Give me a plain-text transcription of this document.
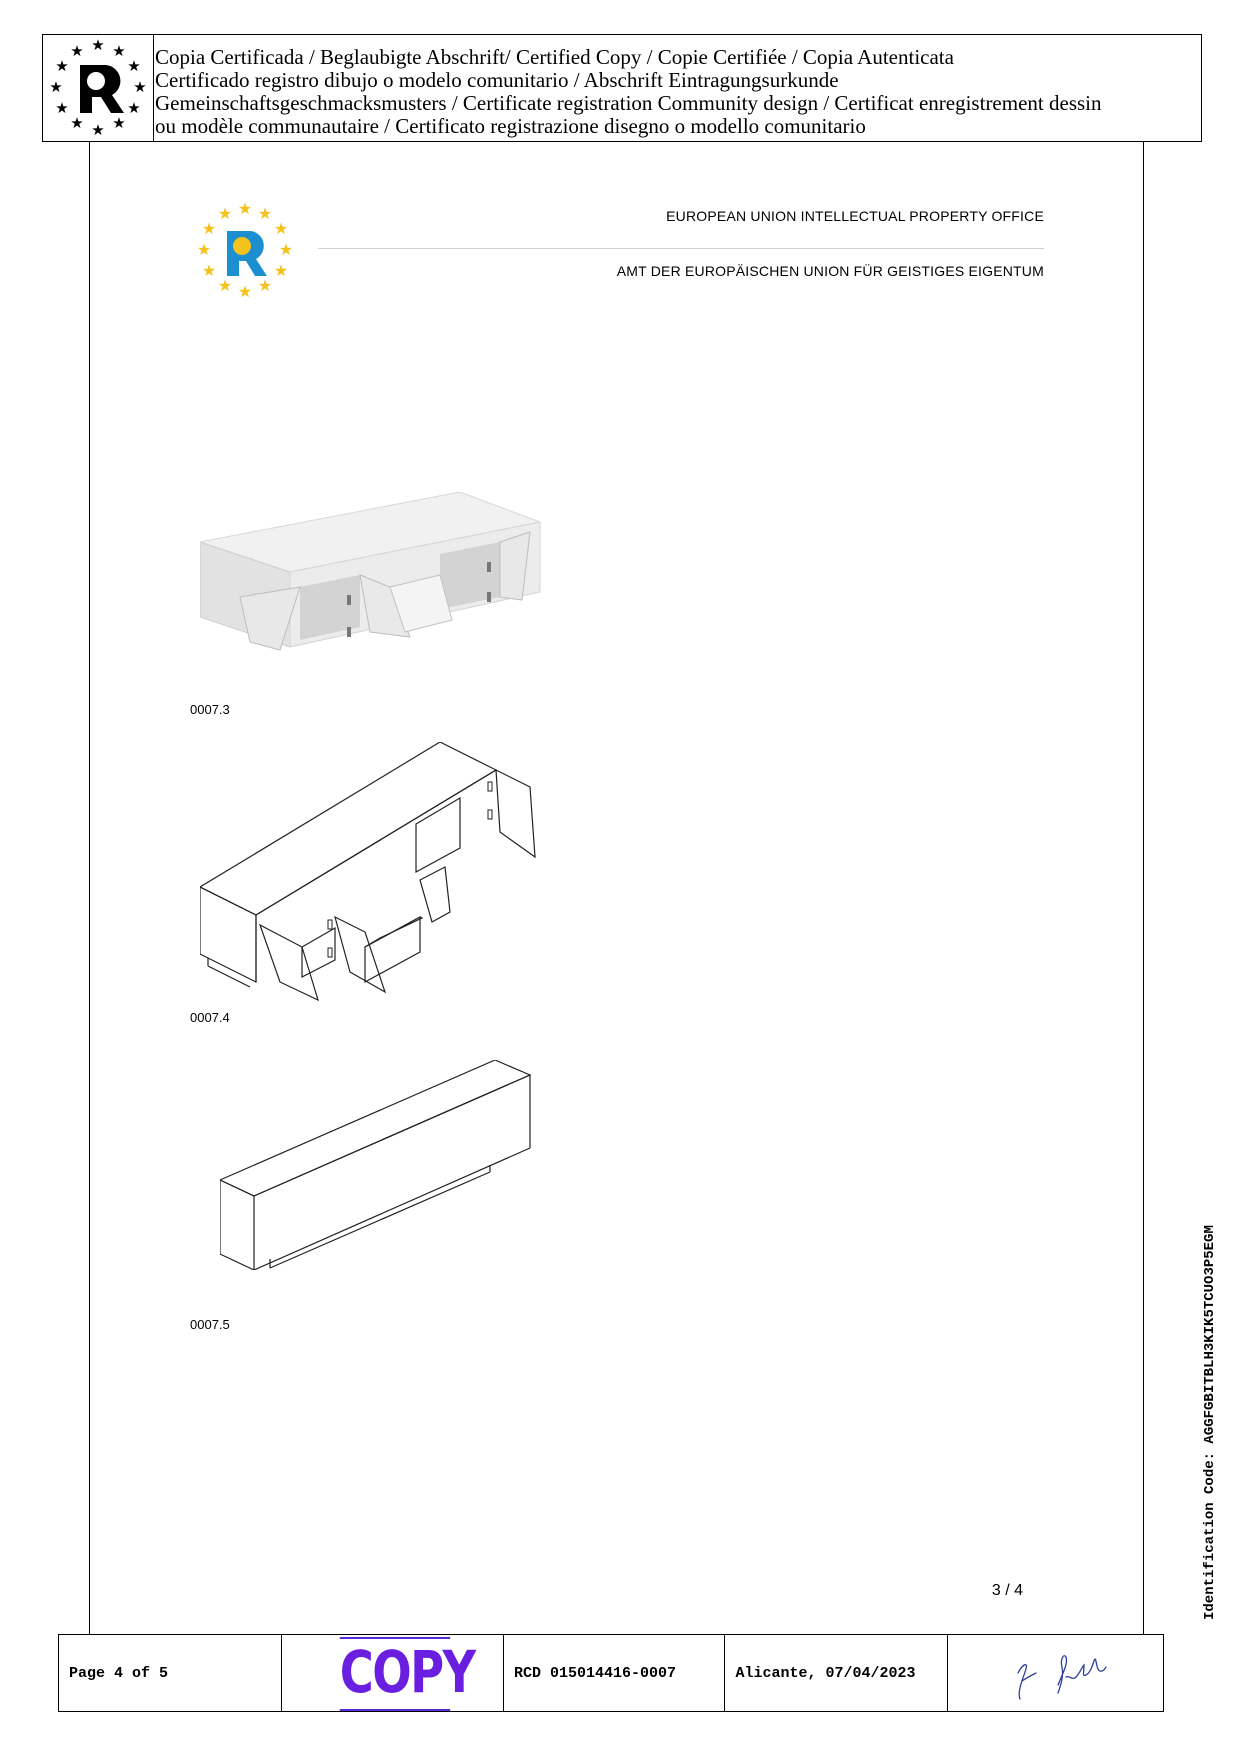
★ ★
★
★
★
★
★
★
★
★
★
★	Copia Certificada / Beglaubigte Abschrift/ Certified Copy / Copie Certifiée / Copia Autenticata
Certificado registro dibujo o modelo comunitario / Abschrift Eintragungsurkunde
Gemeinschaftsgeschmacksmusters / Certificate registration Community design / Certificat enregistrement dessin
ou modèle communautaire / Certificato registrazione disegno o modello comunitario
★ ★
★
★
★
★
★
★
★
★
★
★	EUROPEAN UNION INTELLECTUAL PROPERTY OFFICE
AMT DER EUROPÄISCHEN UNION FÜR GEISTIGES EIGENTUM
0007.3
0007.4
0007.5
3 / 4	Identification Code: AGGFGBITBLH3KIK5TCUO3P5EGM
Page 4 of 5	COPY	RCD 015014416-0007	Alicante, 07/04/2023
